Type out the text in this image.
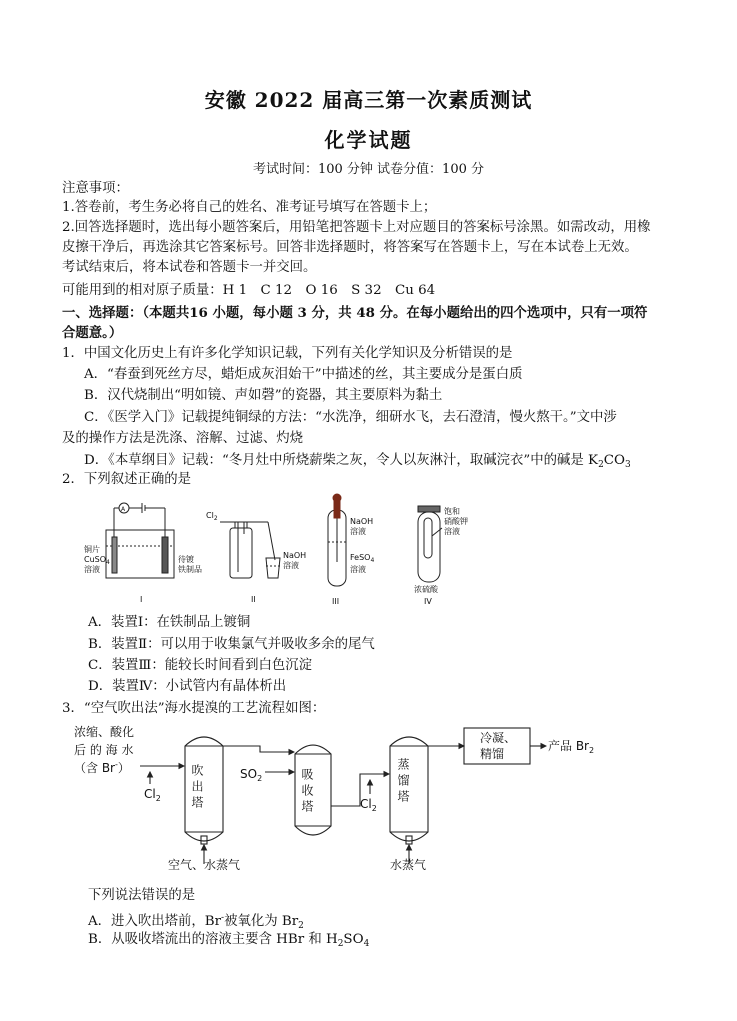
安徽 2022 届高三第一次素质测试
化学试题
考试时间：100 分钟 试卷分值：100 分
注意事项：
1.答卷前，考生务必将自己的姓名、准考证号填写在答题卡上；
2.回答选择题时，选出每小题答案后，用铅笔把答题卡上对应题目的答案标号涂黑。如需改动，用橡
皮擦干净后，再选涂其它答案标号。回答非选择题时，将答案写在答题卡上，写在本试卷上无效。
考试结束后，将本试卷和答题卡一并交回。
可能用到的相对原子质量：H 1　C 12　O 16　S 32　Cu 64
一、选择题：（本题共16 小题，每小题 3 分，共 48 分。在每小题给出的四个选项中，只有一项符
合题意。）
1．中国文化历史上有许多化学知识记载，下列有关化学知识及分析错误的是
A．“春蚕到死丝方尽，蜡炬成灰泪始干”中描述的丝，其主要成分是蛋白质
B．汉代烧制出“明如镜、声如磬”的瓷器，其主要原料为黏土
C．《医学入门》记载提纯铜绿的方法：“水洗净，细研水飞，去石澄清，慢火熬干。”文中涉
及的操作方法是洗涤、溶解、过滤、灼烧
D．《本草纲目》记载：“冬月灶中所烧薪柴之灰，令人以灰淋汁，取碱浣衣”中的碱是 $K_2CO_3$
2．下列叙述正确的是
A
铜片
CuSO$_4$
溶液
待镀
铁制品
I
$Cl_2$
NaOH
溶液
II
NaOH
溶液
FeSO$_4$
溶液
III
饱和
硝酸钾
溶液
浓硫酸
IV
A．装置Ⅰ：在铁制品上镀铜
B．装置Ⅱ：可以用于收集氯气并吸收多余的尾气
C．装置Ⅲ：能较长时间看到白色沉淀
D．装置Ⅳ：小试管内有晶体析出
3．“空气吹出法”海水提溴的工艺流程如图：
浓缩、酸化
后 的 海 水
（含 Br-）
$Cl_2$ 吹出塔
空气、水蒸气
$SO_2$	吸收塔	$Cl_2$
蒸馏塔
水蒸气
冷凝、
精馏
产品 $Br_2$
下列说法错误的是
A．进入吹出塔前，Br-被氧化为 $Br_2$
B．从吸收塔流出的溶液主要含 HBr 和 $H_2SO_4$
